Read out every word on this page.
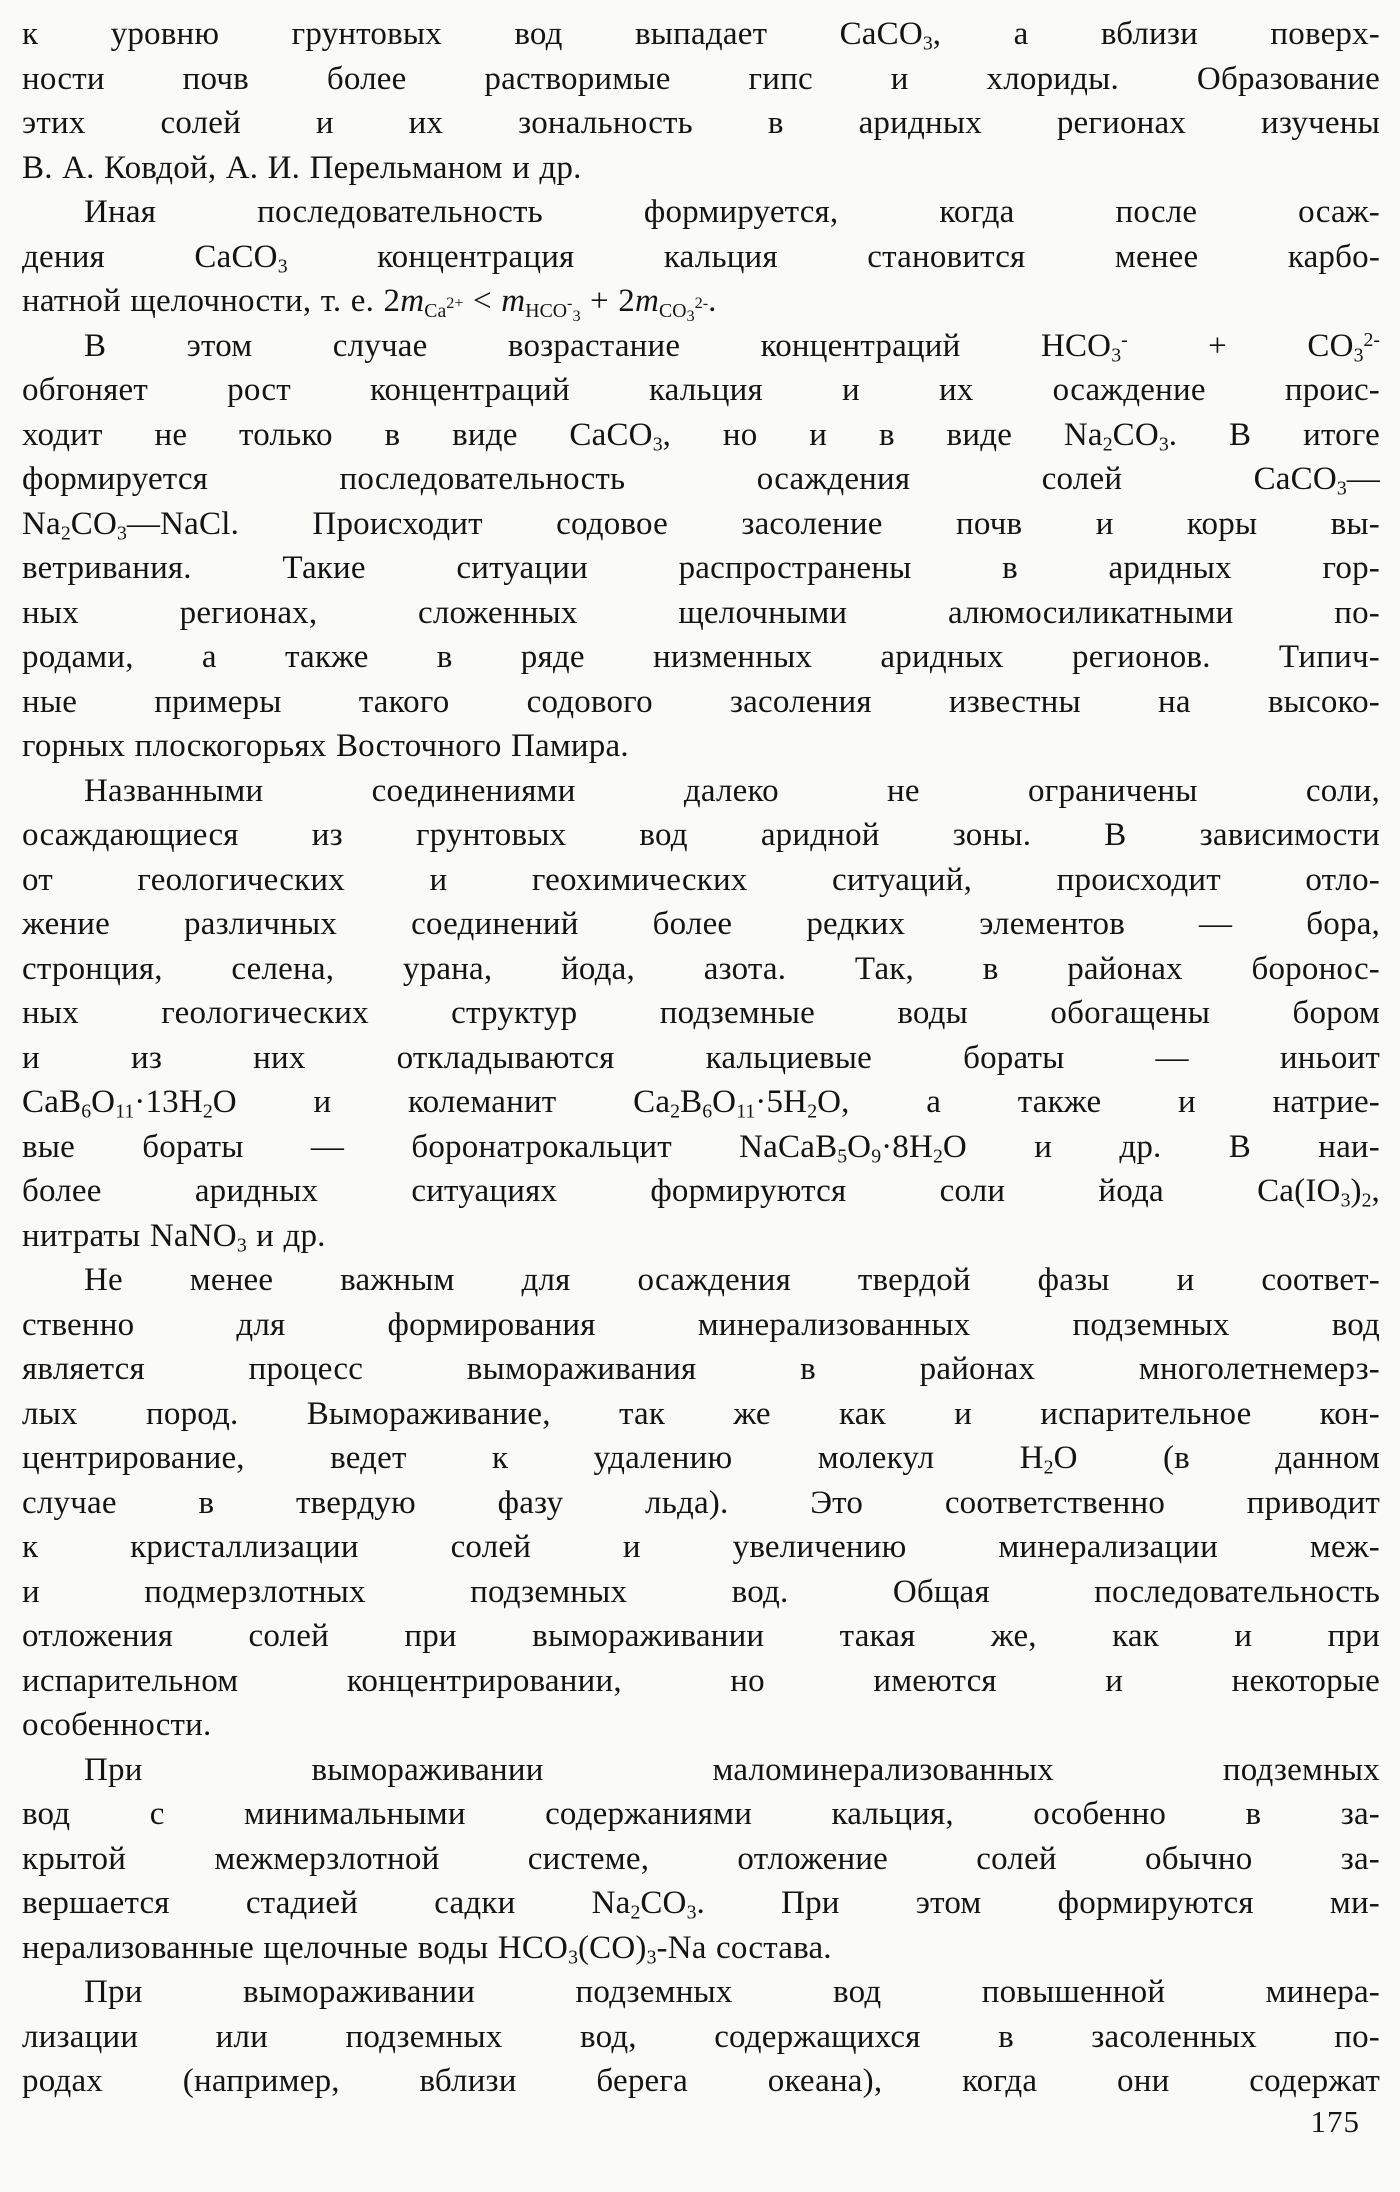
к уровню грунтовых вод выпадает CaCO$_3$, а вблизи поверх-
ности почв более растворимые гипс и хлориды. Образование
этих солей и их зональность в аридных регионах изучены
В. А. Ковдой, А. И. Перельманом и др.
Иная последовательность формируется, когда после осаж-
дения CaCO$_3$ концентрация кальция становится менее карбо-
натной щелочности, т. е. $2m_{Ca^{2+}} < m_{HCO^-_3} + 2m_{CO_3^{2-}}$.
В этом случае возрастание концентраций $HCO_3^- + CO_3^{2-}$
обгоняет рост концентраций кальция и их осаждение проис-
ходит не только в виде CaCO$_3$, но и в виде $Na_2CO_3$. В итоге
формируется последовательность осаждения солей CaCO$_3$—
$Na_2CO_3—NaCl$. Происходит содовое засоление почв и коры вы-
ветривания. Такие ситуации распространены в аридных гор-
ных регионах, сложенных щелочными алюмосиликатными по-
родами, а также в ряде низменных аридных регионов. Типич-
ные примеры такого содового засоления известны на высоко-
горных плоскогорьях Восточного Памира.
Названными соединениями далеко не ограничены соли,
осаждающиеся из грунтовых вод аридной зоны. В зависимости
от геологических и геохимических ситуаций, происходит отло-
жение различных соединений более редких элементов — бора,
стронция, селена, урана, йода, азота. Так, в районах боронос-
ных геологических структур подземные воды обогащены бором
и из них откладываются кальциевые бораты — иньоит
$CaB_6O_{11}\cdot 13H_2O$ и колеманит $Ca_2B_6O_{11}\cdot 5H_2O$, а также и натрие-
вые бораты — боронатрокальцит $NaCaB_5O_9\cdot 8H_2O$ и др. В наи-
более аридных ситуациях формируются соли йода $Ca(IO_3)_2$,
нитраты NaNO$_3$ и др.
Не менее важным для осаждения твердой фазы и соответ-
ственно для формирования минерализованных подземных вод
является процесс вымораживания в районах многолетнемерз-
лых пород. Вымораживание, так же как и испарительное кон-
центрирование, ведет к удалению молекул $H_2O$ (в данном
случае в твердую фазу льда). Это соответственно приводит
к кристаллизации солей и увеличению минерализации меж-
и подмерзлотных подземных вод. Общая последовательность
отложения солей при вымораживании такая же, как и при
испарительном концентрировании, но имеются и некоторые
особенности.
При вымораживании маломинерализованных подземных
вод с минимальными содержаниями кальция, особенно в за-
крытой межмерзлотной системе, отложение солей обычно за-
вершается стадией садки $Na_2CO_3$. При этом формируются ми-
нерализованные щелочные воды $HCO_3(CO)_3-Na$ состава.
При вымораживании подземных вод повышенной минера-
лизации или подземных вод, содержащихся в засоленных по-
родах (например, вблизи берега океана), когда они содержат
175
